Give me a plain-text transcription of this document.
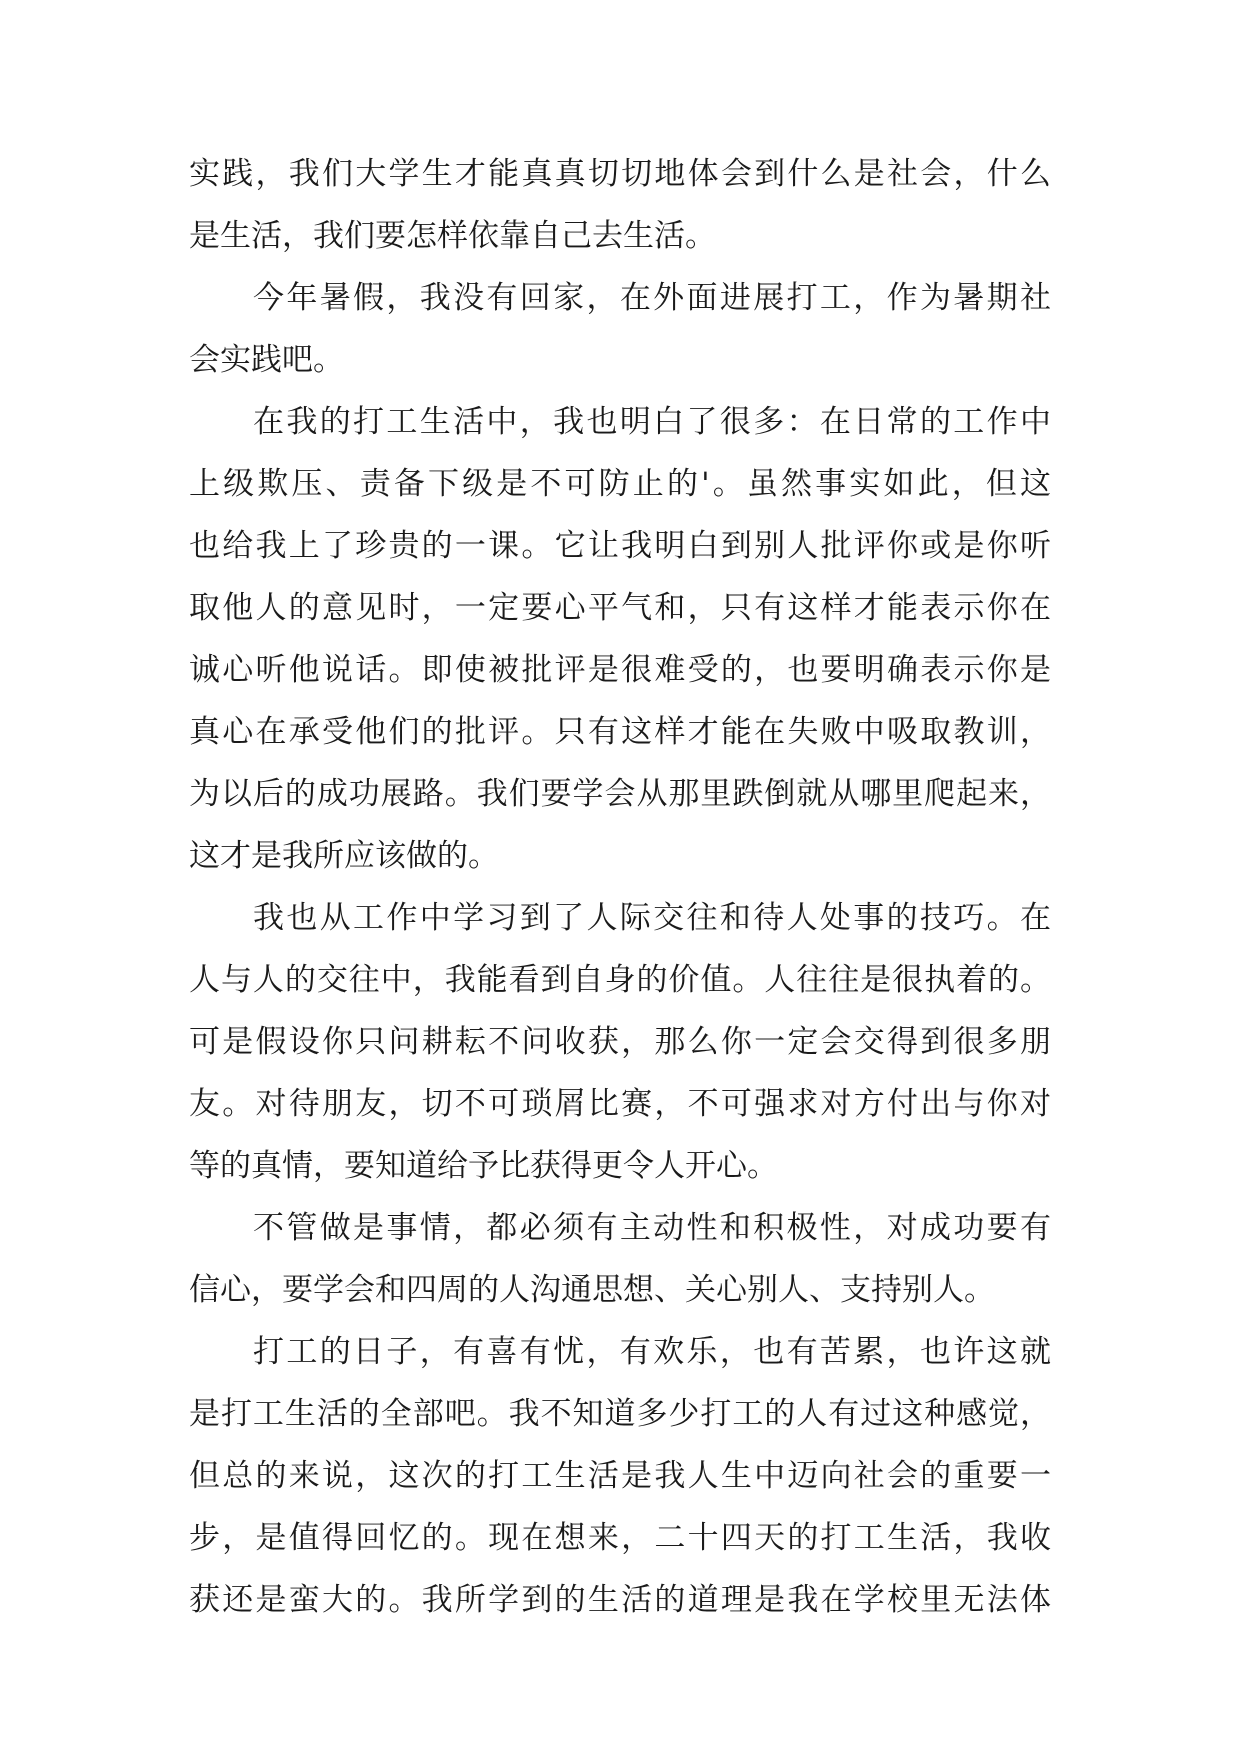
实践，我们大学生才能真真切切地体会到什么是社会，什么
是生活，我们要怎样依靠自己去生活。
今年暑假，我没有回家，在外面进展打工，作为暑期社
会实践吧。
在我的打工生活中，我也明白了很多：在日常的工作中
上级欺压、责备下级是不可防止的'。虽然事实如此，但这
也给我上了珍贵的一课。它让我明白到别人批评你或是你听
取他人的意见时，一定要心平气和，只有这样才能表示你在
诚心听他说话。即使被批评是很难受的，也要明确表示你是
真心在承受他们的批评。只有这样才能在失败中吸取教训，
为以后的成功展路。我们要学会从那里跌倒就从哪里爬起来，
这才是我所应该做的。
我也从工作中学习到了人际交往和待人处事的技巧。在
人与人的交往中，我能看到自身的价值。人往往是很执着的。
可是假设你只问耕耘不问收获，那么你一定会交得到很多朋
友。对待朋友，切不可琐屑比赛，不可强求对方付出与你对
等的真情，要知道给予比获得更令人开心。
不管做是事情，都必须有主动性和积极性，对成功要有
信心，要学会和四周的人沟通思想、关心别人、支持别人。
打工的日子，有喜有忧，有欢乐，也有苦累，也许这就
是打工生活的全部吧。我不知道多少打工的人有过这种感觉，
但总的来说，这次的打工生活是我人生中迈向社会的重要一
步，是值得回忆的。现在想来，二十四天的打工生活，我收
获还是蛮大的。我所学到的生活的道理是我在学校里无法体
